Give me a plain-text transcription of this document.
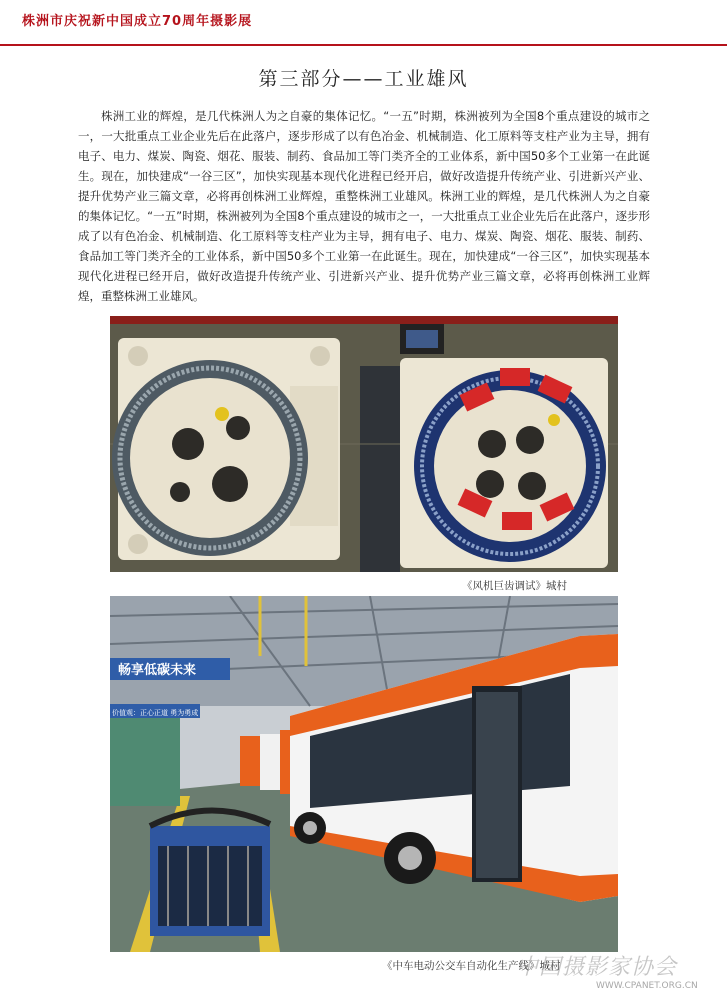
株洲市庆祝新中国成立70周年摄影展
第三部分——工业雄风
株洲工业的辉煌，是几代株洲人为之自豪的集体记忆。“一五”时期，株洲被列为全国8个重点建设的城市之一，一大批重点工业企业先后在此落户，逐步形成了以有色冶金、机械制造、化工原料等支柱产业为主导，拥有电子、电力、煤炭、陶瓷、烟花、服装、制药、食品加工等门类齐全的工业体系，新中国50多个工业第一在此诞生。现在，加快建成“一谷三区”，加快实现基本现代化进程已经开启，做好改造提升传统产业、引进新兴产业、提升优势产业三篇文章，必将再创株洲工业辉煌，重整株洲工业雄风。株洲工业的辉煌，是几代株洲人为之自豪的集体记忆。“一五”时期，株洲被列为全国8个重点建设的城市之一，一大批重点工业企业先后在此落户，逐步形成了以有色冶金、机械制造、化工原料等支柱产业为主导，拥有电子、电力、煤炭、陶瓷、烟花、服装、制药、食品加工等门类齐全的工业体系，新中国50多个工业第一在此诞生。现在，加快建成“一谷三区”，加快实现基本现代化进程已经开启，做好改造提升传统产业、引进新兴产业、提升优势产业三篇文章，必将再创株洲工业辉煌，重整株洲工业雄风。
《风机巨齿调试》城村
畅享低碳未来
价值观：正心正道 勇为勇成
《中车电动公交车自动化生产线》城村
中国摄影家协会
WWW.CPANET.ORG.CN
